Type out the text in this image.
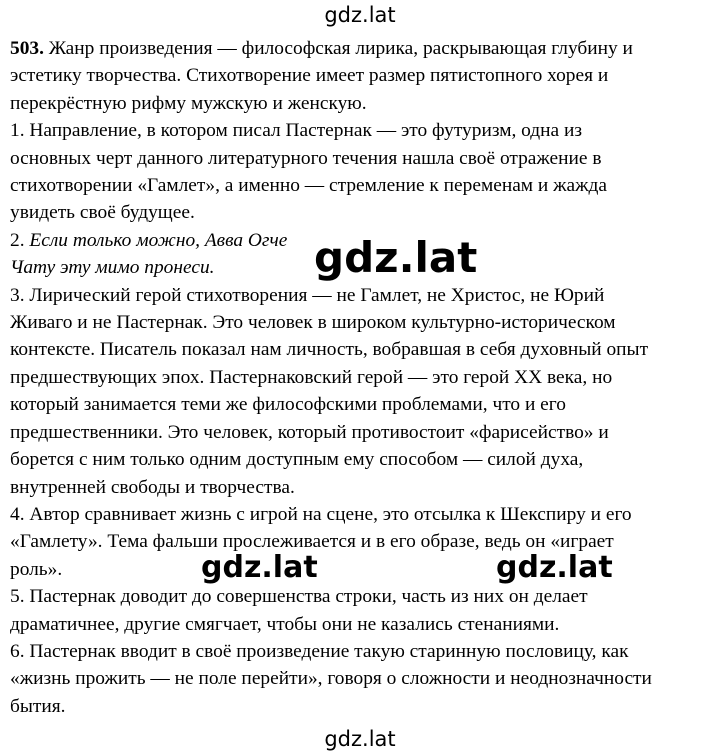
gdz.lat

503. Жанр произведения — философская лирика, раскрывающая глубину и

эстетику творчества. Стихотворение имеет размер пятистопного хорея и

перекрёстную рифму мужскую и женскую.

1. Направление, в котором писал Пастернак — это футуризм, одна из

основных черт данного литературного течения нашла своё отражение в

стихотворении «Гамлет», а именно — стремление к переменам и жажда

увидеть своё будущее.

2. Если только можно, Авва Огче

Чату эту мимо пронеси.

3. Лирический герой стихотворения — не Гамлет, не Христос, не Юрий

Живаго и не Пастернак. Это человек в широком культурно-историческом

контексте. Писатель показал нам личность, вобравшая в себя духовный опыт

предшествующих эпох. Пастернаковский герой — это герой XX века, но

который занимается теми же философскими проблемами, что и его

предшественники. Это человек, который противостоит «фарисейство» и

борется с ним только одним доступным ему способом — силой духа,

внутренней свободы и творчества.

4. Автор сравнивает жизнь с игрой на сцене, это отсылка к Шекспиру и его

«Гамлету». Тема фальши прослеживается и в его образе, ведь он «играет

роль».

5. Пастернак доводит до совершенства строки, часть из них он делает

драматичнее, другие смягчает, чтобы они не казались стенаниями.

6. Пастернак вводит в своё произведение такую старинную пословицу, как

«жизнь прожить — не поле перейти», говоря о сложности и неоднозначности

бытия.

gdz.lat
gdz.lat	gdz.lat
gdz.lat
